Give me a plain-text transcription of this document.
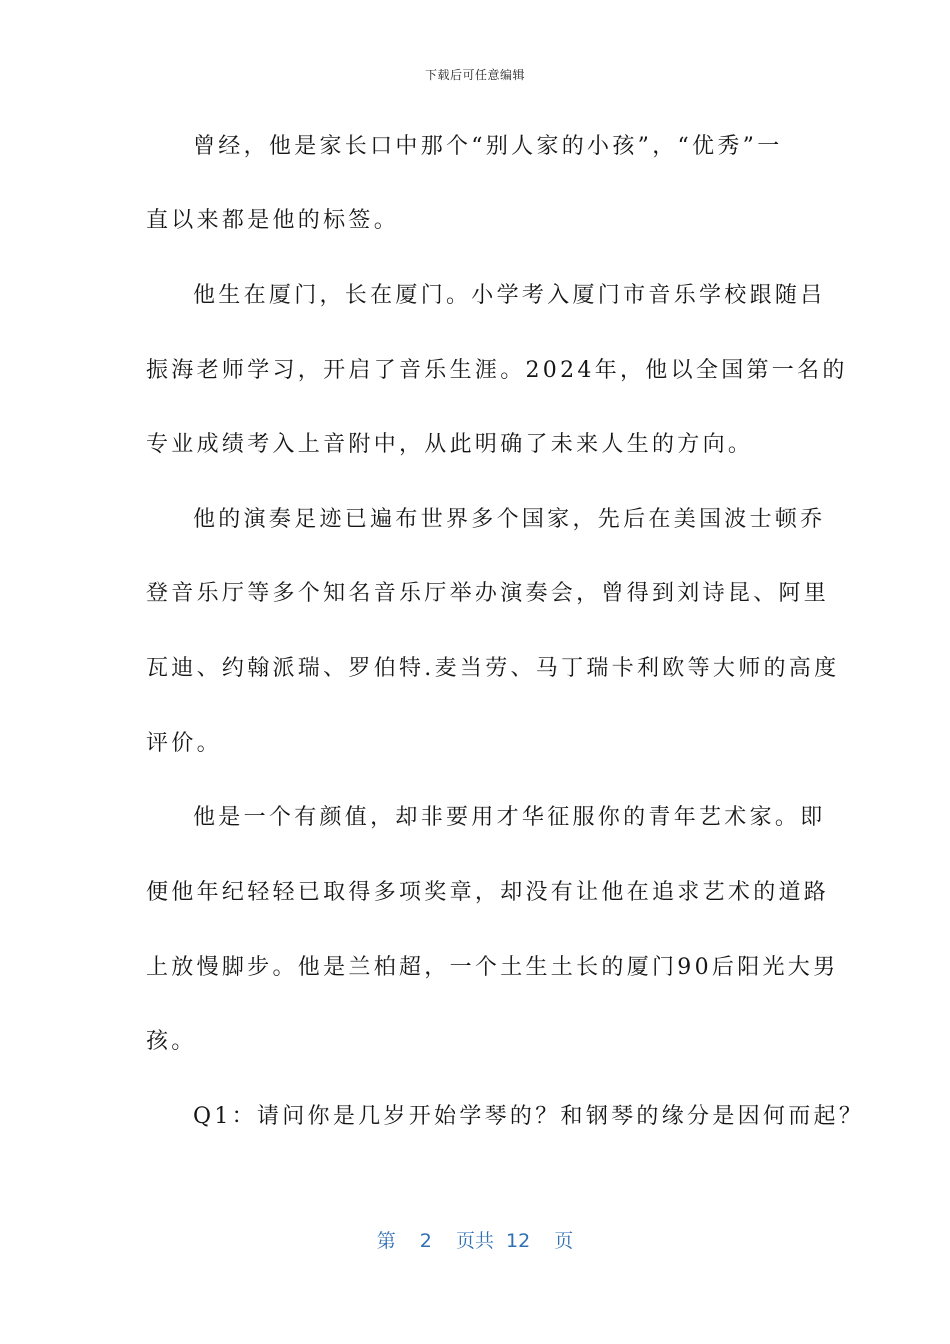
下载后可任意编辑
曾经，他是家长口中那个“别人家的小孩”，“优秀”一
直以来都是他的标签。
他生在厦门，长在厦门。小学考入厦门市音乐学校跟随吕
振海老师学习，开启了音乐生涯。2024年，他以全国第一名的
专业成绩考入上音附中，从此明确了未来人生的方向。
他的演奏足迹已遍布世界多个国家，先后在美国波士顿乔
登音乐厅等多个知名音乐厅举办演奏会，曾得到刘诗昆、阿里
瓦迪、约翰派瑞、罗伯特.麦当劳、马丁瑞卡利欧等大师的高度
评价。
他是一个有颜值，却非要用才华征服你的青年艺术家。即
便他年纪轻轻已取得多项奖章，却没有让他在追求艺术的道路
上放慢脚步。他是兰柏超，一个土生土长的厦门90后阳光大男
孩。
Q1：请问你是几岁开始学琴的？和钢琴的缘分是因何而起？
第  2  页共 12  页
